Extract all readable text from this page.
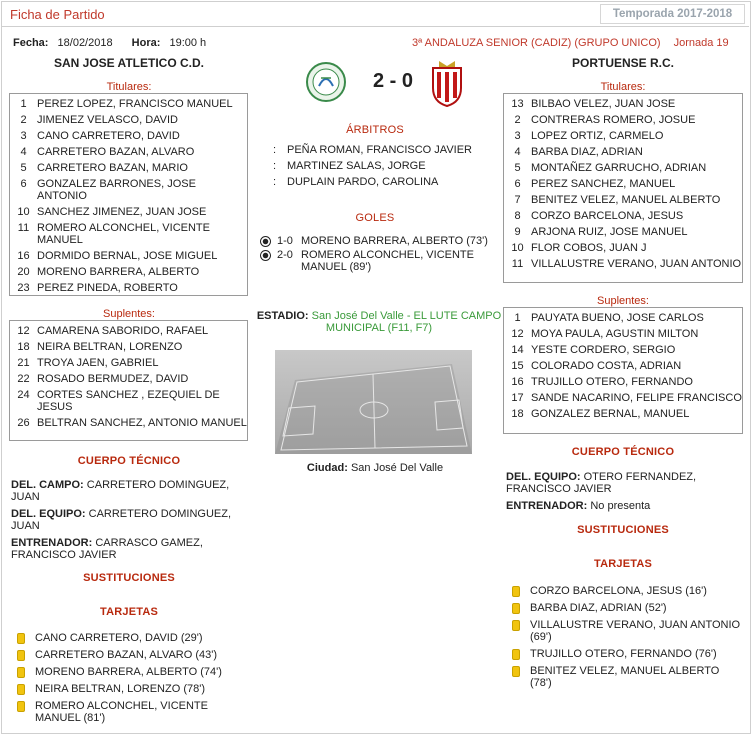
Ficha de Partido	Temporada 2017-2018
Fecha: 18/02/2018 Hora: 19:00 h	3ª ANDALUZA SENIOR (CADIZ) (GRUPO UNICO) Jornada 19
SAN JOSE ATLETICO C.D.	PORTUENSE R.C.
2 - 0
Titulares:
1 PEREZ LOPEZ, FRANCISCO MANUEL
2 JIMENEZ VELASCO, DAVID
3 CANO CARRETERO, DAVID
4 CARRETERO BAZAN, ALVARO
5 CARRETERO BAZAN, MARIO
6 GONZALEZ BARRONES, JOSE ANTONIO
10 SANCHEZ JIMENEZ, JUAN JOSE
11 ROMERO ALCONCHEL, VICENTE MANUEL
16 DORMIDO BERNAL, JOSE MIGUEL
20 MORENO BARRERA, ALBERTO
23 PEREZ PINEDA, ROBERTO
Suplentes:
12 CAMARENA SABORIDO, RAFAEL
18 NEIRA BELTRAN, LORENZO
21 TROYA JAEN, GABRIEL
22 ROSADO BERMUDEZ, DAVID
24 CORTES SANCHEZ , EZEQUIEL DE JESUS
26 BELTRAN SANCHEZ, ANTONIO MANUEL
Titulares:
13 BILBAO VELEZ, JUAN JOSE
2 CONTRERAS ROMERO, JOSUE
3 LOPEZ ORTIZ, CARMELO
4 BARBA DIAZ, ADRIAN
5 MONTAÑEZ GARRUCHO, ADRIAN
6 PEREZ SANCHEZ, MANUEL
7 BENITEZ VELEZ, MANUEL ALBERTO
8 CORZO BARCELONA, JESUS
9 ARJONA RUIZ, JOSE MANUEL
10 FLOR COBOS, JUAN J
11 VILLALUSTRE VERANO, JUAN ANTONIO
Suplentes:
1 PAUYATA BUENO, JOSE CARLOS
12 MOYA PAULA, AGUSTIN MILTON
14 YESTE CORDERO, SERGIO
15 COLORADO COSTA, ADRIAN
16 TRUJILLO OTERO, FERNANDO
17 SANDE NACARINO, FELIPE FRANCISCO
18 GONZALEZ BERNAL, MANUEL
ÁRBITROS
: PEÑA ROMAN, FRANCISCO JAVIER
: MARTINEZ SALAS, JORGE
: DUPLAIN PARDO, CAROLINA
GOLES
1-0 MORENO BARRERA, ALBERTO (73')
2-0 ROMERO ALCONCHEL, VICENTE MANUEL (89')
ESTADIO: San José Del Valle - EL LUTE CAMPO MUNICIPAL (F11, F7)
Ciudad: San José Del Valle
CUERPO TÉCNICO
DEL. CAMPO: CARRETERO DOMINGUEZ, JUAN
DEL. EQUIPO: CARRETERO DOMINGUEZ, JUAN
ENTRENADOR: CARRASCO GAMEZ, FRANCISCO JAVIER
SUSTITUCIONES
TARJETAS
CANO CARRETERO, DAVID (29')
CARRETERO BAZAN, ALVARO (43')
MORENO BARRERA, ALBERTO (74')
NEIRA BELTRAN, LORENZO (78')
ROMERO ALCONCHEL, VICENTE MANUEL (81')
CUERPO TÉCNICO
DEL. EQUIPO: OTERO FERNANDEZ, FRANCISCO JAVIER
ENTRENADOR: No presenta
SUSTITUCIONES
TARJETAS
CORZO BARCELONA, JESUS (16')
BARBA DIAZ, ADRIAN (52')
VILLALUSTRE VERANO, JUAN ANTONIO (69')
TRUJILLO OTERO, FERNANDO (76')
BENITEZ VELEZ, MANUEL ALBERTO (78')
